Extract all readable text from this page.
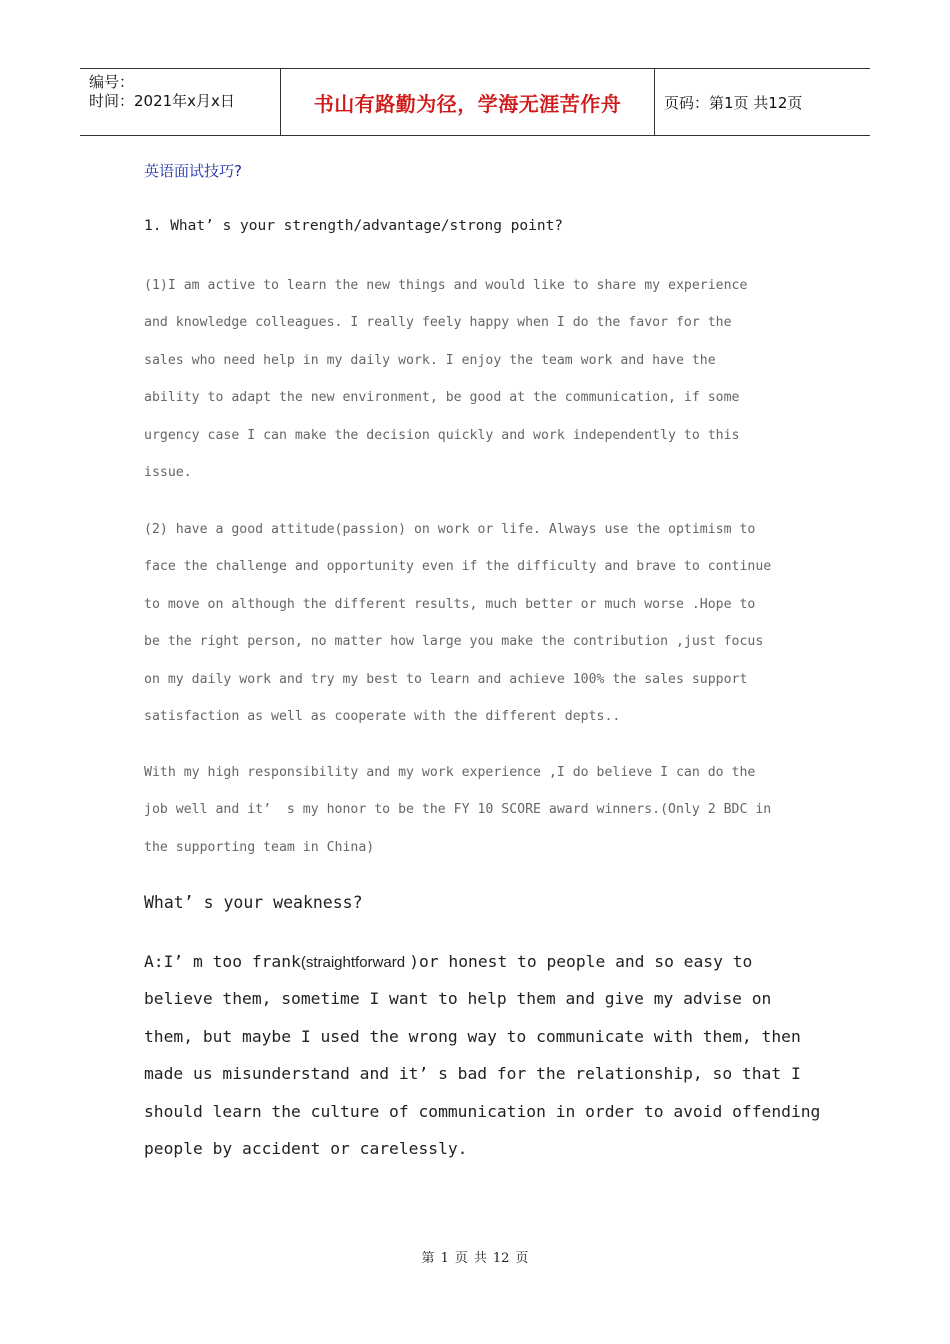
编号：
时间：2021年x月x日	书山有路勤为径，学海无涯苦作舟	页码：第1页 共12页
英语面试技巧?
1. What’ s your strength/advantage/strong point?
(1)I am active to learn the new things and would like to share my experience
and knowledge colleagues. I really feely happy when I do the favor for the
sales who need help in my daily work. I enjoy the team work and have the
ability to adapt the new environment, be good at the communication, if some
urgency case I can make the decision quickly and work independently to this
issue.
(2) have a good attitude(passion) on work or life. Always use the optimism to
face the challenge and opportunity even if the difficulty and brave to continue
to move on although the different results, much better or much worse .Hope to
be the right person, no matter how large you make the contribution ,just focus
on my daily work and try my best to learn and achieve 100% the sales support
satisfaction as well as cooperate with the different depts..
With my high responsibility and my work experience ,I do believe I can do the
job well and it’  s my honor to be the FY 10 SCORE award winners.(Only 2 BDC in
the supporting team in China)
What’ s your weakness?
A:I’ m too frank(straightforward )or honest to people and so easy to
believe them, sometime I want to help them and give my advise on
them, but maybe I used the wrong way to communicate with them, then
made us misunderstand and it’ s bad for the relationship, so that I
should learn the culture of communication in order to avoid offending
people by accident or carelessly.
第 1 页 共 12 页
